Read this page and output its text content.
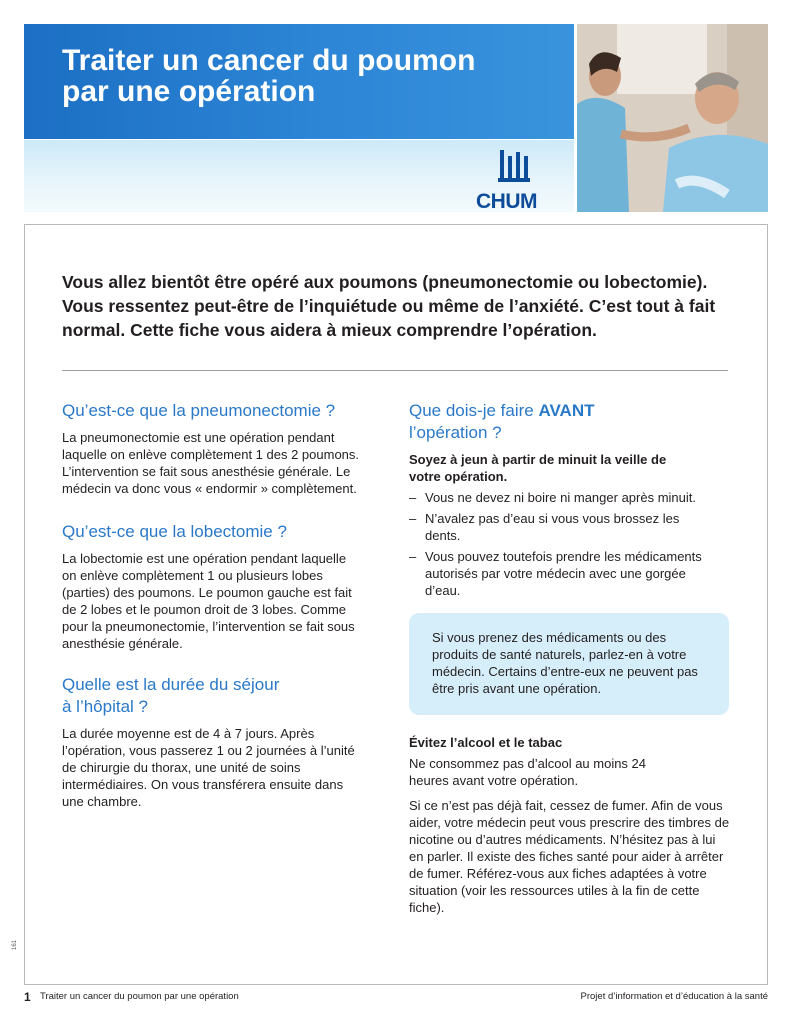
Traiter un cancer du poumon
par une opération
CHUM
Vous allez bientôt être opéré aux poumons (pneumonectomie ou lobectomie). Vous ressentez peut-être de l’inquiétude ou même de l’anxiété. C’est tout à fait normal. Cette fiche vous aidera à mieux comprendre l’opération.
Qu’est-ce que la pneumonectomie ?
La pneumonectomie est une opération pendant laquelle on enlève complètement 1 des 2 poumons. L’intervention se fait sous anesthésie générale. Le médecin va donc vous « endormir » complètement.
Qu’est-ce que la lobectomie ?
La lobectomie est une opération pendant laquelle on enlève complètement 1 ou plusieurs lobes (parties) des poumons. Le poumon gauche est fait de 2 lobes et le poumon droit de 3 lobes. Comme pour la pneumonectomie, l’intervention se fait sous anesthésie générale.
Quelle est la durée du séjour
à l’hôpital ?
La durée moyenne est de 4 à 7 jours. Après l’opération, vous passerez 1 ou 2 journées à l’unité de chirurgie du thorax, une unité de soins intermédiaires. On vous transférera ensuite dans une chambre.
Que dois-je faire AVANT
l’opération ?
Soyez à jeun à partir de minuit la veille de votre opération.
– Vous ne devez ni boire ni manger après minuit.
– N’avalez pas d’eau si vous vous brossez les dents.
– Vous pouvez toutefois prendre les médicaments autorisés par votre médecin avec une gorgée d’eau.
Si vous prenez des médicaments ou des produits de santé naturels, parlez-en à votre médecin. Certains d’entre-eux ne peuvent pas être pris avant une opération.
Évitez l’alcool et le tabac
Ne consommez pas d’alcool au moins 24 heures avant votre opération.
Si ce n’est pas déjà fait, cessez de fumer. Afin de vous aider, votre médecin peut vous prescrire des timbres de nicotine ou d’autres médicaments. N’hésitez pas à lui en parler. Il existe des fiches santé pour aider à arrêter de fumer. Référez-vous aux fiches adaptées à votre situation (voir les ressources utiles à la fin de cette fiche).
161
1 Traiter un cancer du poumon par une opération	Projet d’information et d’éducation à la santé
